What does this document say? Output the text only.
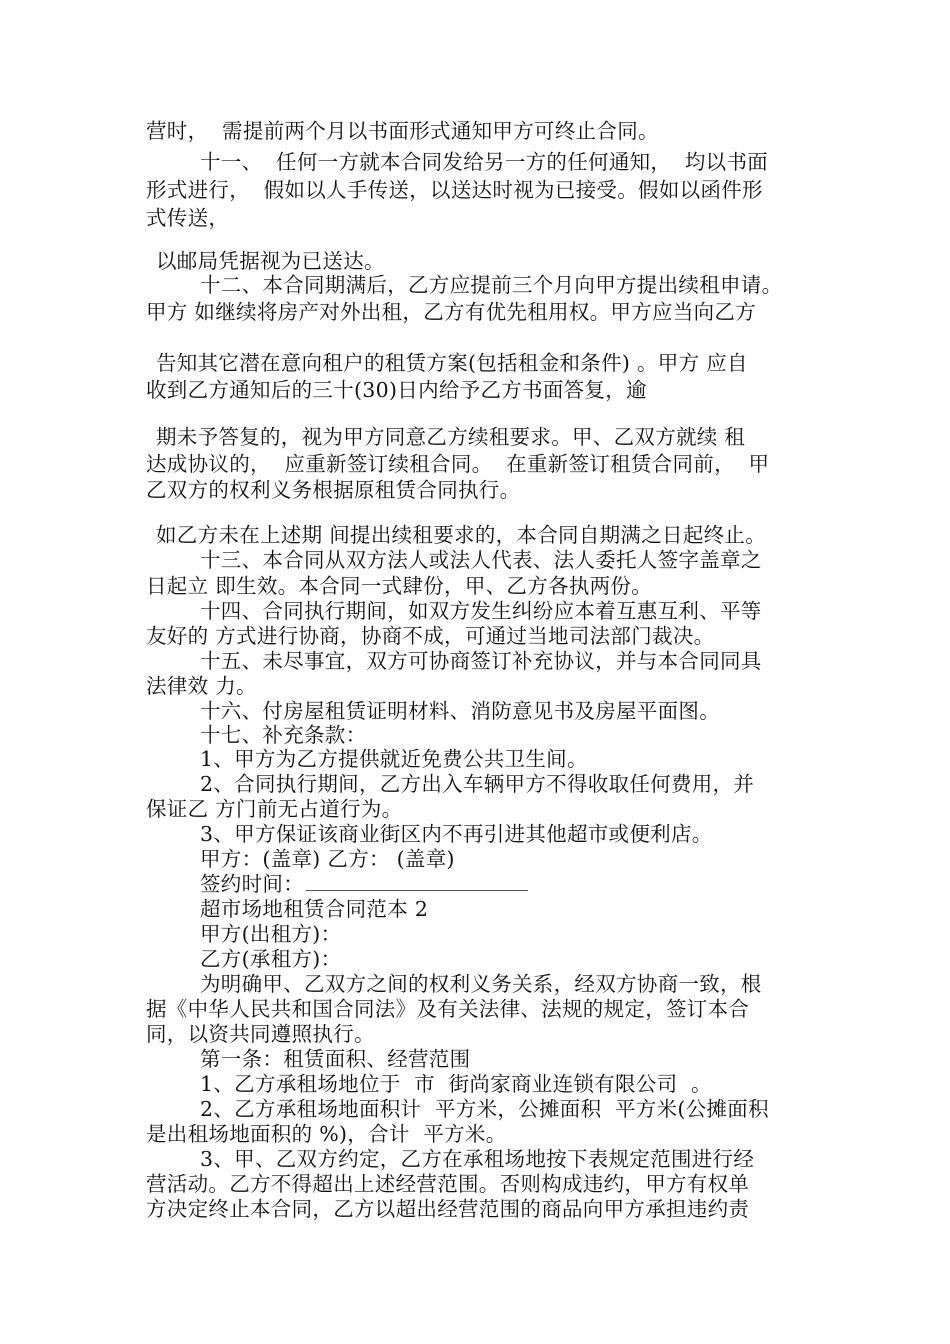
营时，  需提前两个月以书面形式通知甲方可终止合同。
十一、  任何一方就本合同发给另一方的任何通知，  均以书面
形式进行，  假如以人手传送，以送达时视为已接受。假如以函件形
式传送，
以邮局凭据视为已送达。
十二、本合同期满后，乙方应提前三个月向甲方提出续租申请。
甲方 如继续将房产对外出租，乙方有优先租用权。甲方应当向乙方
告知其它潜在意向租户的租赁方案(包括租金和条件) 。甲方 应自
收到乙方通知后的三十(30)日内给予乙方书面答复，逾
期未予答复的，视为甲方同意乙方续租要求。甲、乙双方就续 租
达成协议的，  应重新签订续租合同。  在重新签订租赁合同前，  甲
乙双方的权利义务根据原租赁合同执行。
如乙方未在上述期 间提出续租要求的，本合同自期满之日起终止。
十三、本合同从双方法人或法人代表、法人委托人签字盖章之
日起立 即生效。本合同一式肆份，甲、乙方各执两份。
十四、合同执行期间，如双方发生纠纷应本着互惠互利、平等
友好的 方式进行协商，协商不成，可通过当地司法部门裁决。
十五、未尽事宜，双方可协商签订补充协议，并与本合同同具
法律效 力。
十六、付房屋租赁证明材料、消防意见书及房屋平面图。
十七、补充条款：
1、甲方为乙方提供就近免费公共卫生间。
2、合同执行期间，乙方出入车辆甲方不得收取任何费用，并
保证乙 方门前无占道行为。
3、甲方保证该商业街区内不再引进其他超市或便利店。
甲方：(盖章) 乙方： (盖章)
签约时间：
超市场地租赁合同范本 2
甲方(出租方)：
乙方(承租方)：
为明确甲、乙双方之间的权利义务关系，经双方协商一致，根
据《中华人民共和国合同法》及有关法律、法规的规定，签订本合
同，以资共同遵照执行。
第一条：租赁面积、经营范围
1、乙方承租场地位于  市  街尚家商业连锁有限公司  。
2、乙方承租场地面积计  平方米，公摊面积  平方米(公摊面积
是出租场地面积的 %)，合计  平方米。
3、甲、乙双方约定，乙方在承租场地按下表规定范围进行经
营活动。乙方不得超出上述经营范围。否则构成违约，甲方有权单
方决定终止本合同，乙方以超出经营范围的商品向甲方承担违约责
